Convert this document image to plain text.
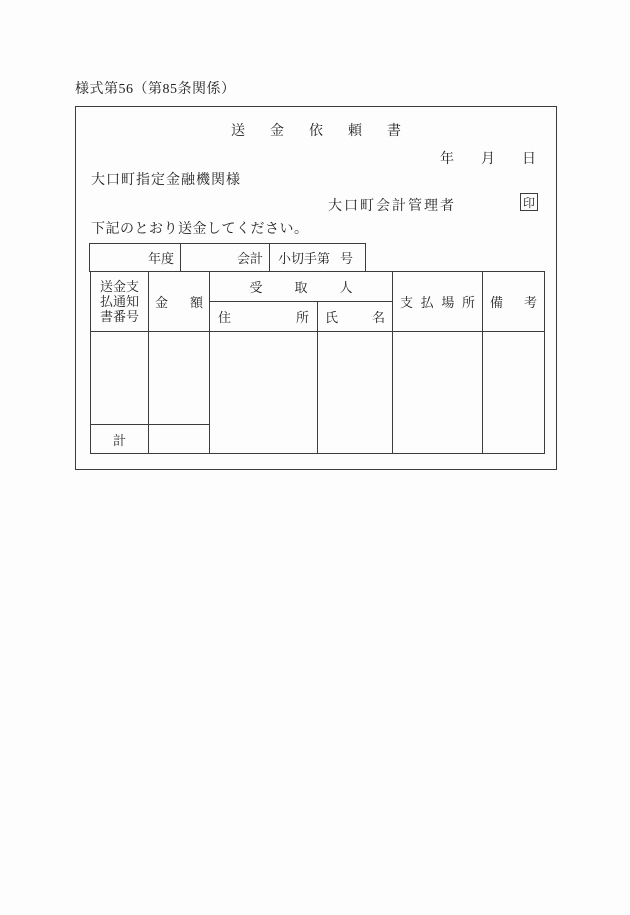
様式第56（第85条関係）
送 金 依 頼 書
年 月 日
大口町指定金融機関様
大口町会計管理者	印
下記のとおり送金してください。
年度	会計	小切手第 号
送金支
払通知
書番号	金 額	受 取 人		支 払 場 所	備 考

		住 所	氏 名		

計					
